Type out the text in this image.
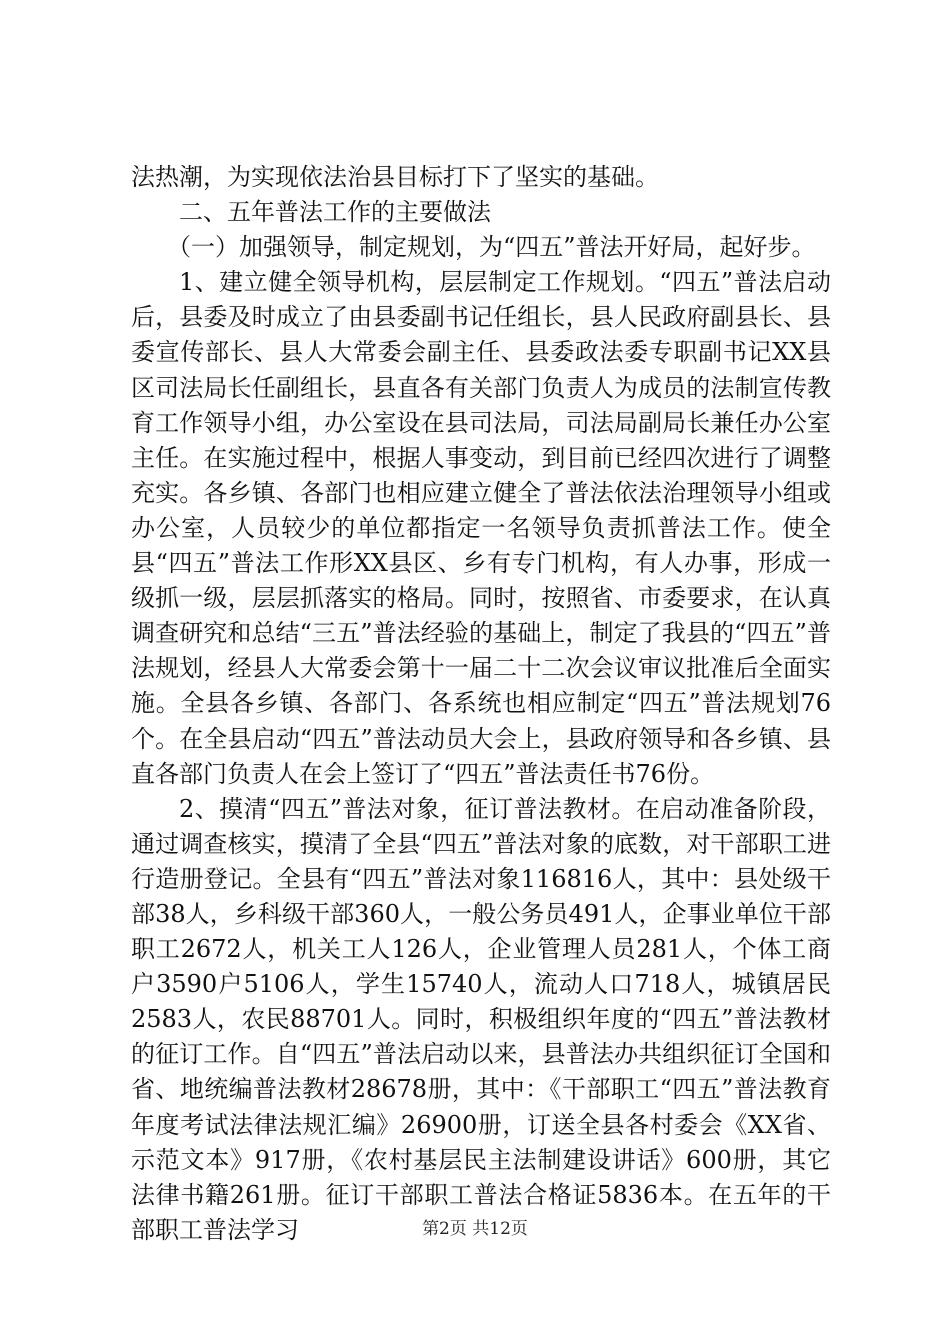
法热潮，为实现依法治县目标打下了坚实的基础。

二、五年普法工作的主要做法

（一）加强领导，制定规划，为“四五”普法开好局，起好步。

1、建立健全领导机构，层层制定工作规划。“四五”普法启动后，县委及时成立了由县委副书记任组长，县人民政府副县长、县委宣传部长、县人大常委会副主任、县委政法委专职副书记XX县区司法局长任副组长，县直各有关部门负责人为成员的法制宣传教育工作领导小组，办公室设在县司法局，司法局副局长兼任办公室主任。在实施过程中，根据人事变动，到目前已经四次进行了调整充实。各乡镇、各部门也相应建立健全了普法依法治理领导小组或办公室，人员较少的单位都指定一名领导负责抓普法工作。使全县“四五”普法工作形XX县区、乡有专门机构，有人办事，形成一级抓一级，层层抓落实的格局。同时，按照省、市委要求，在认真调查研究和总结“三五”普法经验的基础上，制定了我县的“四五”普法规划，经县人大常委会第十一届二十二次会议审议批准后全面实施。全县各乡镇、各部门、各系统也相应制定“四五”普法规划76个。在全县启动“四五”普法动员大会上，县政府领导和各乡镇、县直各部门负责人在会上签订了“四五”普法责任书76份。

2、摸清“四五”普法对象，征订普法教材。在启动准备阶段，通过调查核实，摸清了全县“四五”普法对象的底数，对干部职工进行造册登记。全县有“四五”普法对象116816人，其中：县处级干部38人，乡科级干部360人，一般公务员491人，企事业单位干部职工2672人，机关工人126人，企业管理人员281人，个体工商户3590户5106人，学生15740人，流动人口718人，城镇居民2583人，农民88701人。同时，积极组织年度的“四五”普法教材的征订工作。自“四五”普法启动以来，县普法办共组织征订全国和省、地统编普法教材28678册，其中：《干部职工“四五”普法教育年度考试法律法规汇编》26900册，订送全县各村委会《XX省、示范文本》917册，《农村基层民主法制建设讲话》600册，其它法律书籍261册。征订干部职工普法合格证5836本。在五年的干部职工普法学习	第2页 共12页
